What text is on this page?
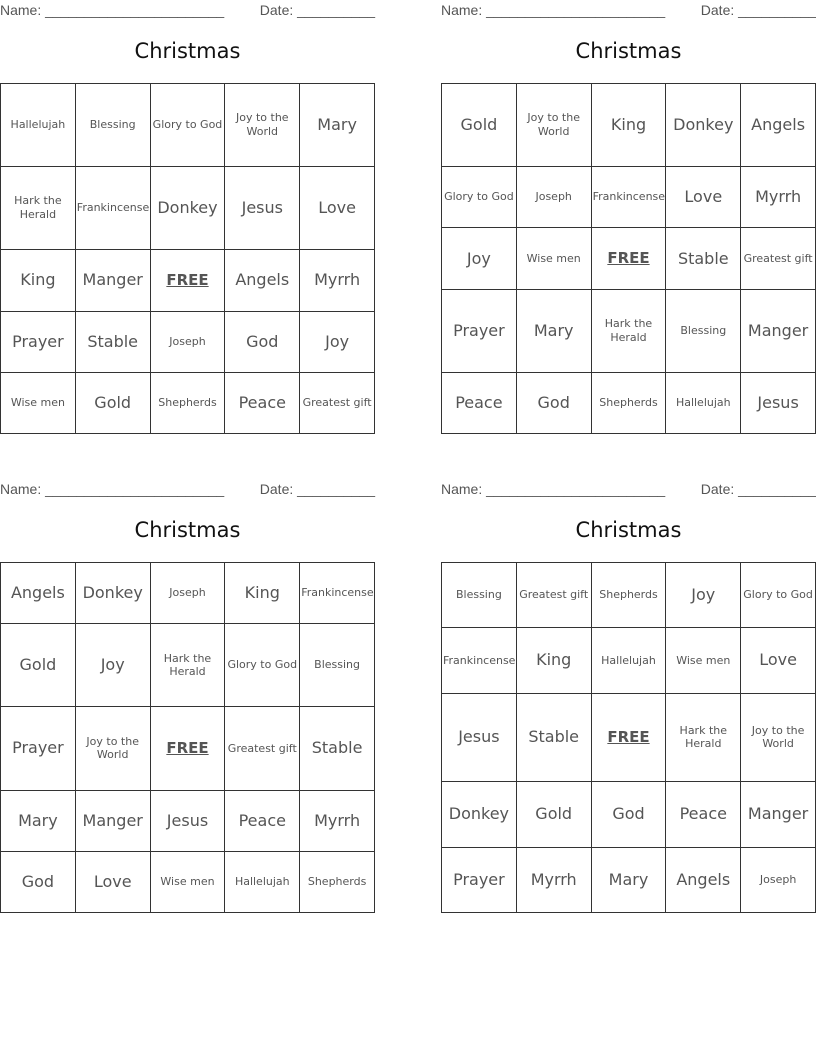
Name: _______________________	Date: __________
Christmas
Hallelujah	Blessing	Glory to God	Joy to the World	Mary
Hark the Herald	Frankincense	Donkey	Jesus	Love
King	Manger	FREE	Angels	Myrrh
Prayer	Stable	Joseph	God	Joy
Wise men	Gold	Shepherds	Peace	Greatest gift
Name: _______________________	Date: __________
Christmas
Gold	Joy to the World	King	Donkey	Angels
Glory to God	Joseph	Frankincense	Love	Myrrh
Joy	Wise men	FREE	Stable	Greatest gift
Prayer	Mary	Hark the Herald	Blessing	Manger
Peace	God	Shepherds	Hallelujah	Jesus
Name: _______________________	Date: __________
Christmas
Angels	Donkey	Joseph	King	Frankincense
Gold	Joy	Hark the Herald	Glory to God	Blessing
Prayer	Joy to the World	FREE	Greatest gift	Stable
Mary	Manger	Jesus	Peace	Myrrh
God	Love	Wise men	Hallelujah	Shepherds
Name: _______________________	Date: __________
Christmas
Blessing	Greatest gift	Shepherds	Joy	Glory to God
Frankincense	King	Hallelujah	Wise men	Love
Jesus	Stable	FREE	Hark the Herald	Joy to the World
Donkey	Gold	God	Peace	Manger
Prayer	Myrrh	Mary	Angels	Joseph
